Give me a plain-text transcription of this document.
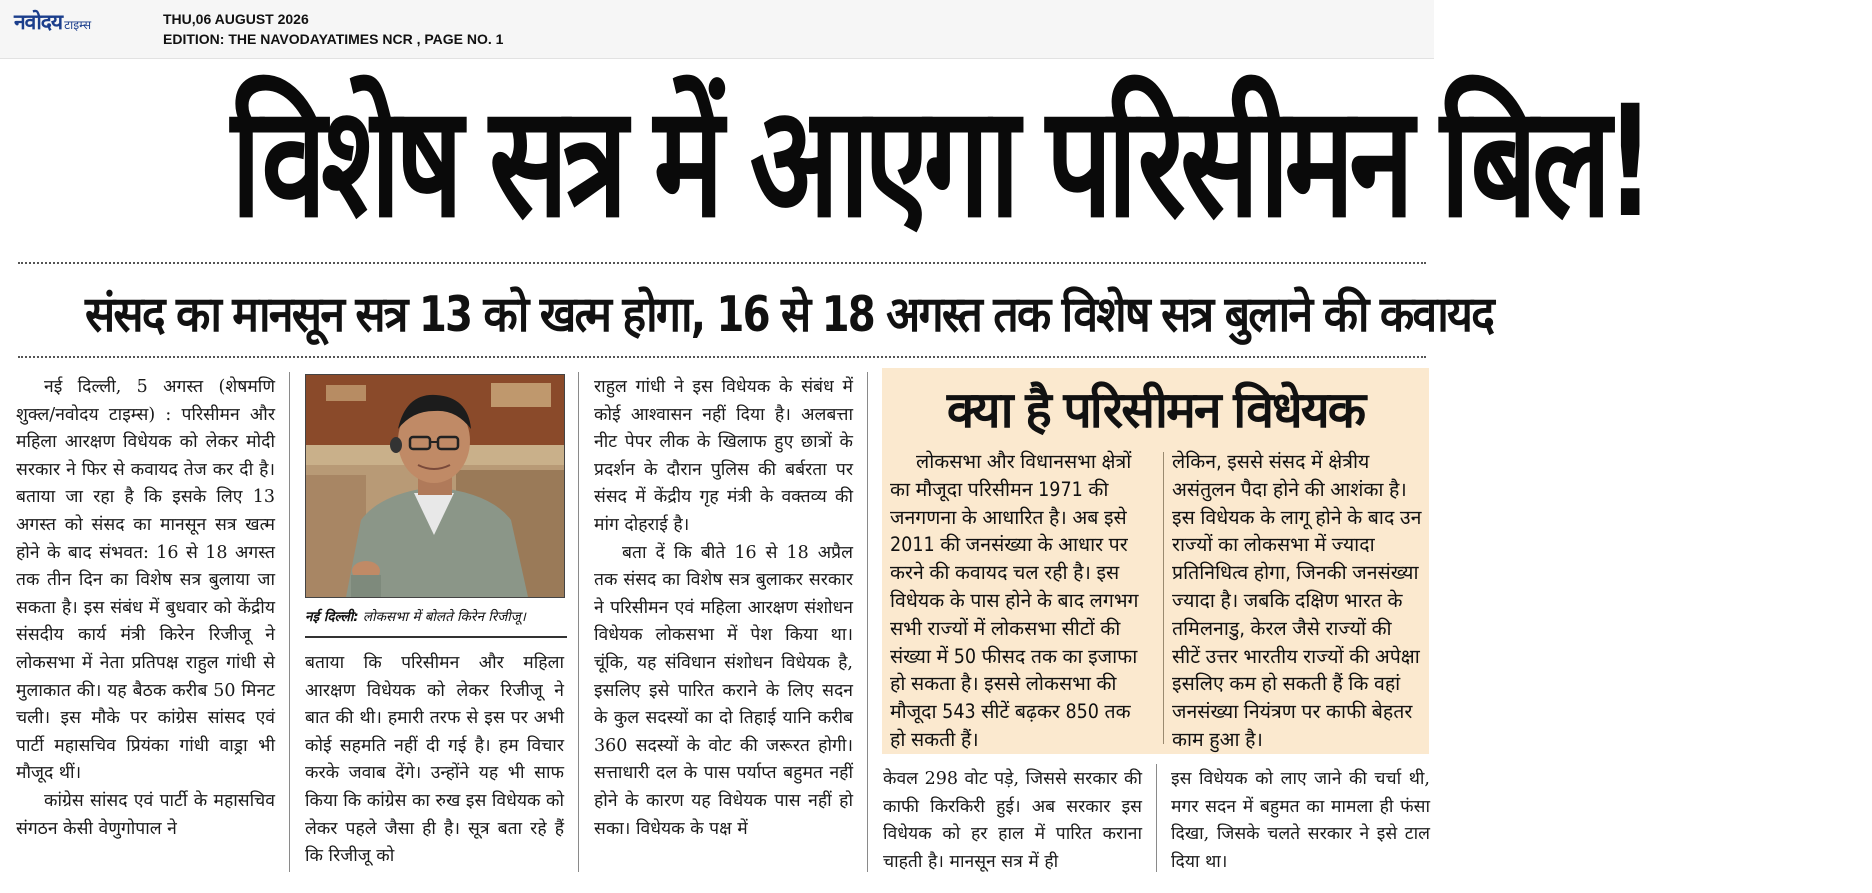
नवोदय टाइम्स	THU,06 AUGUST 2026
EDITION: THE NAVODAYATIMES NCR , PAGE NO. 1
विशेष सत्र में आएगा परिसीमन बिल!
संसद का मानसून सत्र 13 को खत्म होगा, 16 से 18 अगस्त तक विशेष सत्र बुलाने की कवायद

नई दिल्ली, 5 अगस्त (शेषमणि शुक्ल/नवोदय टाइम्स) : परिसीमन और महिला आरक्षण विधेयक को लेकर मोदी सरकार ने फिर से कवायद तेज कर दी है। बताया जा रहा है कि इसके लिए 13 अगस्त को संसद का मानसून सत्र खत्म होने के बाद संभवत: 16 से 18 अगस्त तक तीन दिन का विशेष सत्र बुलाया जा सकता है। इस संबंध में बुधवार को केंद्रीय संसदीय कार्य मंत्री किरेन रिजीजू ने लोकसभा में नेता प्रतिपक्ष राहुल गांधी से मुलाकात की। यह बैठक करीब 50 मिनट चली। इस मौके पर कांग्रेस सांसद एवं पार्टी महासचिव प्रियंका गांधी वाड्रा भी मौजूद थीं।

कांग्रेस सांसद एवं पार्टी के महासचिव संगठन केसी वेणुगोपाल ने

नई दिल्ली: लोकसभा में बोलते किरेन रिजीजू।

बताया कि परिसीमन और महिला आरक्षण विधेयक को लेकर रिजीजू ने बात की थी। हमारी तरफ से इस पर अभी कोई सहमति नहीं दी गई है। हम विचार करके जवाब देंगे। उन्होंने यह भी साफ किया कि कांग्रेस का रुख इस विधेयक को लेकर पहले जैसा ही है। सूत्र बता रहे हैं कि रिजीजू को

राहुल गांधी ने इस विधेयक के संबंध में कोई आश्वासन नहीं दिया है। अलबत्ता नीट पेपर लीक के खिलाफ हुए छात्रों के प्रदर्शन के दौरान पुलिस की बर्बरता पर संसद में केंद्रीय गृह मंत्री के वक्तव्य की मांग दोहराई है।

बता दें कि बीते 16 से 18 अप्रैल तक संसद का विशेष सत्र बुलाकर सरकार ने परिसीमन एवं महिला आरक्षण संशोधन विधेयक लोकसभा में पेश किया था। चूंकि, यह संविधान संशोधन विधेयक है, इसलिए इसे पारित कराने के लिए सदन के कुल सदस्यों का दो तिहाई यानि करीब 360 सदस्यों के वोट की जरूरत होगी। सत्ताधारी दल के पास पर्याप्त बहुमत नहीं होने के कारण यह विधेयक पास नहीं हो सका। विधेयक के पक्ष में

क्या है परिसीमन विधेयक

लोकसभा और विधानसभा क्षेत्रों का मौजूदा परिसीमन 1971 की जनगणना के आधारित है। अब इसे 2011 की जनसंख्या के आधार पर करने की कवायद चल रही है। इस विधेयक के पास होने के बाद लगभग सभी राज्यों में लोकसभा सीटों की संख्या में 50 फीसद तक का इजाफा हो सकता है। इससे लोकसभा की मौजूदा 543 सीटें बढ़कर 850 तक हो सकती हैं।

लेकिन, इससे संसद में क्षेत्रीय असंतुलन पैदा होने की आशंका है। इस विधेयक के लागू होने के बाद उन राज्यों का लोकसभा में ज्यादा प्रतिनिधित्व होगा, जिनकी जनसंख्या ज्यादा है। जबकि दक्षिण भारत के तमिलनाडु, केरल जैसे राज्यों की सीटें उत्तर भारतीय राज्यों की अपेक्षा इसलिए कम हो सकती हैं कि वहां जनसंख्या नियंत्रण पर काफी बेहतर काम हुआ है।

केवल 298 वोट पड़े, जिससे सरकार की काफी किरकिरी हुई। अब सरकार इस विधेयक को हर हाल में पारित कराना चाहती है। मानसून सत्र में ही

इस विधेयक को लाए जाने की चर्चा थी, मगर सदन में बहुमत का मामला ही फंसा दिखा, जिसके चलते सरकार ने इसे टाल दिया था।
